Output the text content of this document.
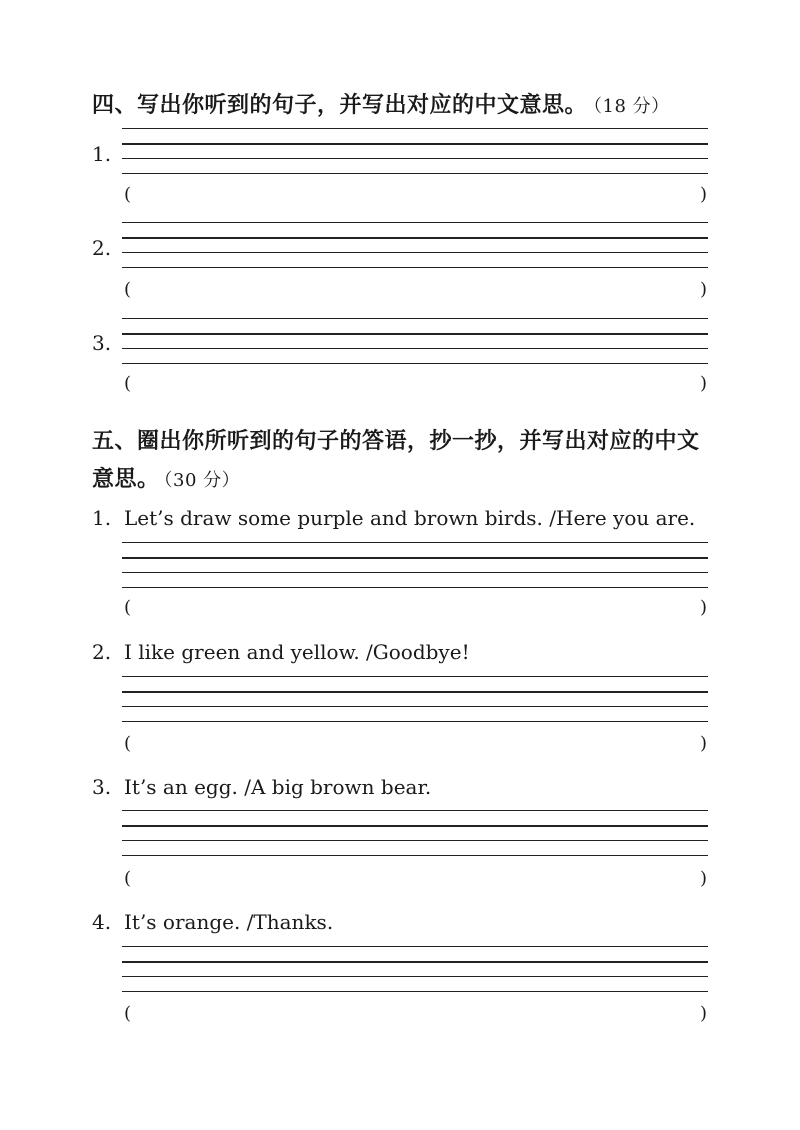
四、写出你听到的句子，并写出对应的中文意思。 （18 分）
1.
(	)
2.
(	)
3.
(	)
五、圈出你所听到的句子的答语，抄一抄，并写出对应的中文
意思。 （30 分）
1. Let’s draw some purple and brown birds. /Here you are.
(	)
2. I like green and yellow. /Goodbye!
(	)
3. It’s an egg. /A big brown bear.
(	)
4. It’s orange. /Thanks.
(	)
